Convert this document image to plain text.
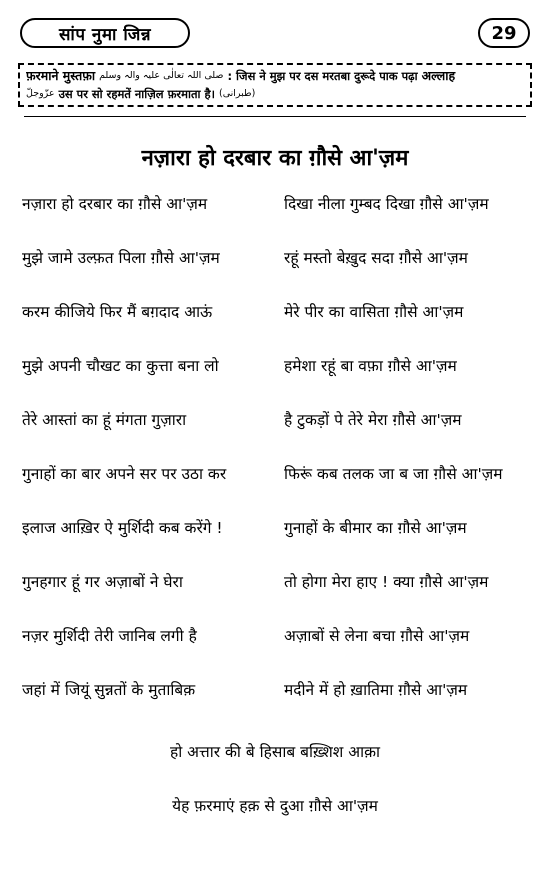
सांप नुमा जिन्न	29
फ़रमाने मुस्तफ़ा صلی اللہ تعالٰی علیہ والہ وسلم : जिस ने मुझ पर दस मरतबा दुरूदे पाक पढ़ा अल्लाह
عزّوجلّ उस पर सो रहमतें नाज़िल फ़रमाता है। (طبرانی)
नज़ारा हो दरबार का ग़ौसे आ'ज़म
नज़ारा हो दरबार का ग़ौसे आ'ज़म	दिखा नीला गुम्बद दिखा ग़ौसे आ'ज़म
मुझे जामे उल्फ़त पिला ग़ौसे आ'ज़म	रहूं मस्तो बेख़ुद सदा ग़ौसे आ'ज़म
करम कीजिये फिर मैं बग़दाद आऊं	मेरे पीर का वासिता ग़ौसे आ'ज़म
मुझे अपनी चौखट का कुत्ता बना लो	हमेशा रहूं बा वफ़ा ग़ौसे आ'ज़म
तेरे आस्तां का हूं मंगता गुज़ारा	है टुकड़ों पे तेरे मेरा ग़ौसे आ'ज़म
गुनाहों का बार अपने सर पर उठा कर	फिरूं कब तलक जा ब जा ग़ौसे आ'ज़म
इलाज आख़िर ऐ मुर्शिदी कब करेंगे !	गुनाहों के बीमार का ग़ौसे आ'ज़म
गुनहगार हूं गर अज़ाबों ने घेरा	तो होगा मेरा हाए ! क्या ग़ौसे आ'ज़म
नज़र मुर्शिदी तेरी जानिब लगी है	अज़ाबों से लेना बचा ग़ौसे आ'ज़म
जहां में जियूं सुन्नतों के मुताबिक़	मदीने में हो ख़ातिमा ग़ौसे आ'ज़म
हो अत्तार की बे हिसाब बख़्शिश आक़ा
येह फ़रमाएं हक़ से दुआ ग़ौसे आ'ज़म
